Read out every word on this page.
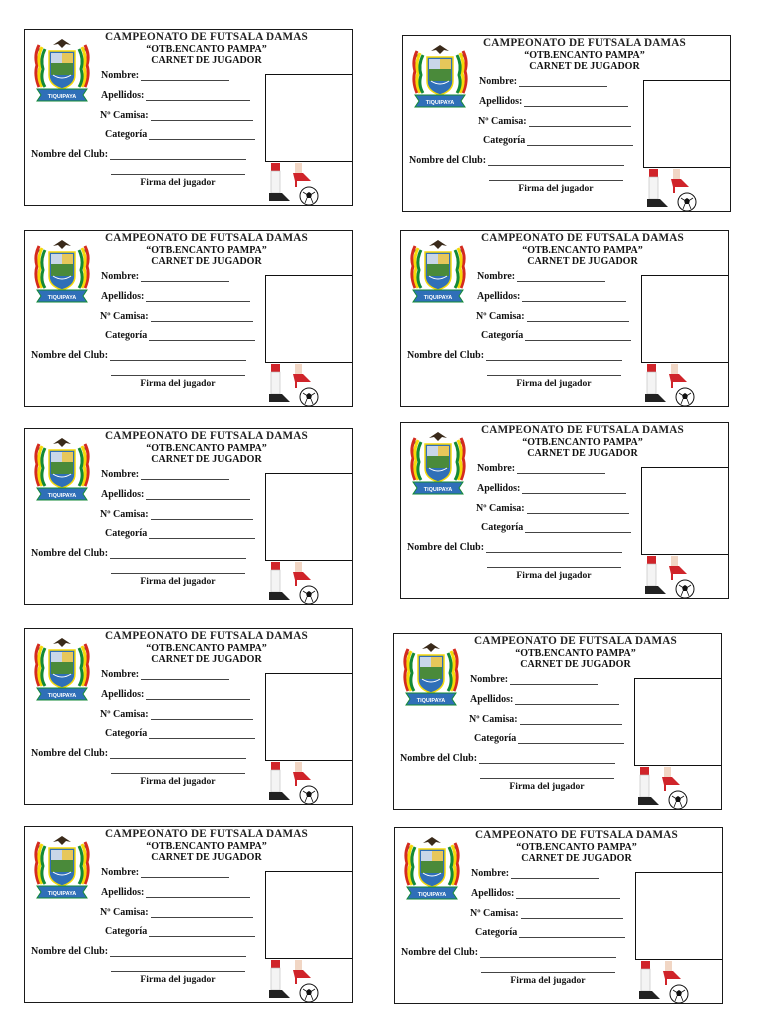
TIQUIPAYA
CAMPEONATO DE FUTSALA DAMAS
“OTB.ENCANTO PAMPA”
CARNET DE JUGADOR
Nombre:
Apellidos:
Nº Camisa:
Categoría
Nombre del Club:
Firma del jugador
TIQUIPAYA
CAMPEONATO DE FUTSALA DAMAS
“OTB.ENCANTO PAMPA”
CARNET DE JUGADOR
Nombre:
Apellidos:
Nº Camisa:
Categoría
Nombre del Club:
Firma del jugador
TIQUIPAYA
CAMPEONATO DE FUTSALA DAMAS
“OTB.ENCANTO PAMPA”
CARNET DE JUGADOR
Nombre:
Apellidos:
Nº Camisa:
Categoría
Nombre del Club:
Firma del jugador
TIQUIPAYA
CAMPEONATO DE FUTSALA DAMAS
“OTB.ENCANTO PAMPA”
CARNET DE JUGADOR
Nombre:
Apellidos:
Nº Camisa:
Categoría
Nombre del Club:
Firma del jugador
TIQUIPAYA
CAMPEONATO DE FUTSALA DAMAS
“OTB.ENCANTO PAMPA”
CARNET DE JUGADOR
Nombre:
Apellidos:
Nº Camisa:
Categoría
Nombre del Club:
Firma del jugador
TIQUIPAYA
CAMPEONATO DE FUTSALA DAMAS
“OTB.ENCANTO PAMPA”
CARNET DE JUGADOR
Nombre:
Apellidos:
Nº Camisa:
Categoría
Nombre del Club:
Firma del jugador
TIQUIPAYA
CAMPEONATO DE FUTSALA DAMAS
“OTB.ENCANTO PAMPA”
CARNET DE JUGADOR
Nombre:
Apellidos:
Nº Camisa:
Categoría
Nombre del Club:
Firma del jugador
TIQUIPAYA
CAMPEONATO DE FUTSALA DAMAS
“OTB.ENCANTO PAMPA”
CARNET DE JUGADOR
Nombre:
Apellidos:
Nº Camisa:
Categoría
Nombre del Club:
Firma del jugador
TIQUIPAYA
CAMPEONATO DE FUTSALA DAMAS
“OTB.ENCANTO PAMPA”
CARNET DE JUGADOR
Nombre:
Apellidos:
Nº Camisa:
Categoría
Nombre del Club:
Firma del jugador
TIQUIPAYA
CAMPEONATO DE FUTSALA DAMAS
“OTB.ENCANTO PAMPA”
CARNET DE JUGADOR
Nombre:
Apellidos:
Nº Camisa:
Categoría
Nombre del Club:
Firma del jugador
